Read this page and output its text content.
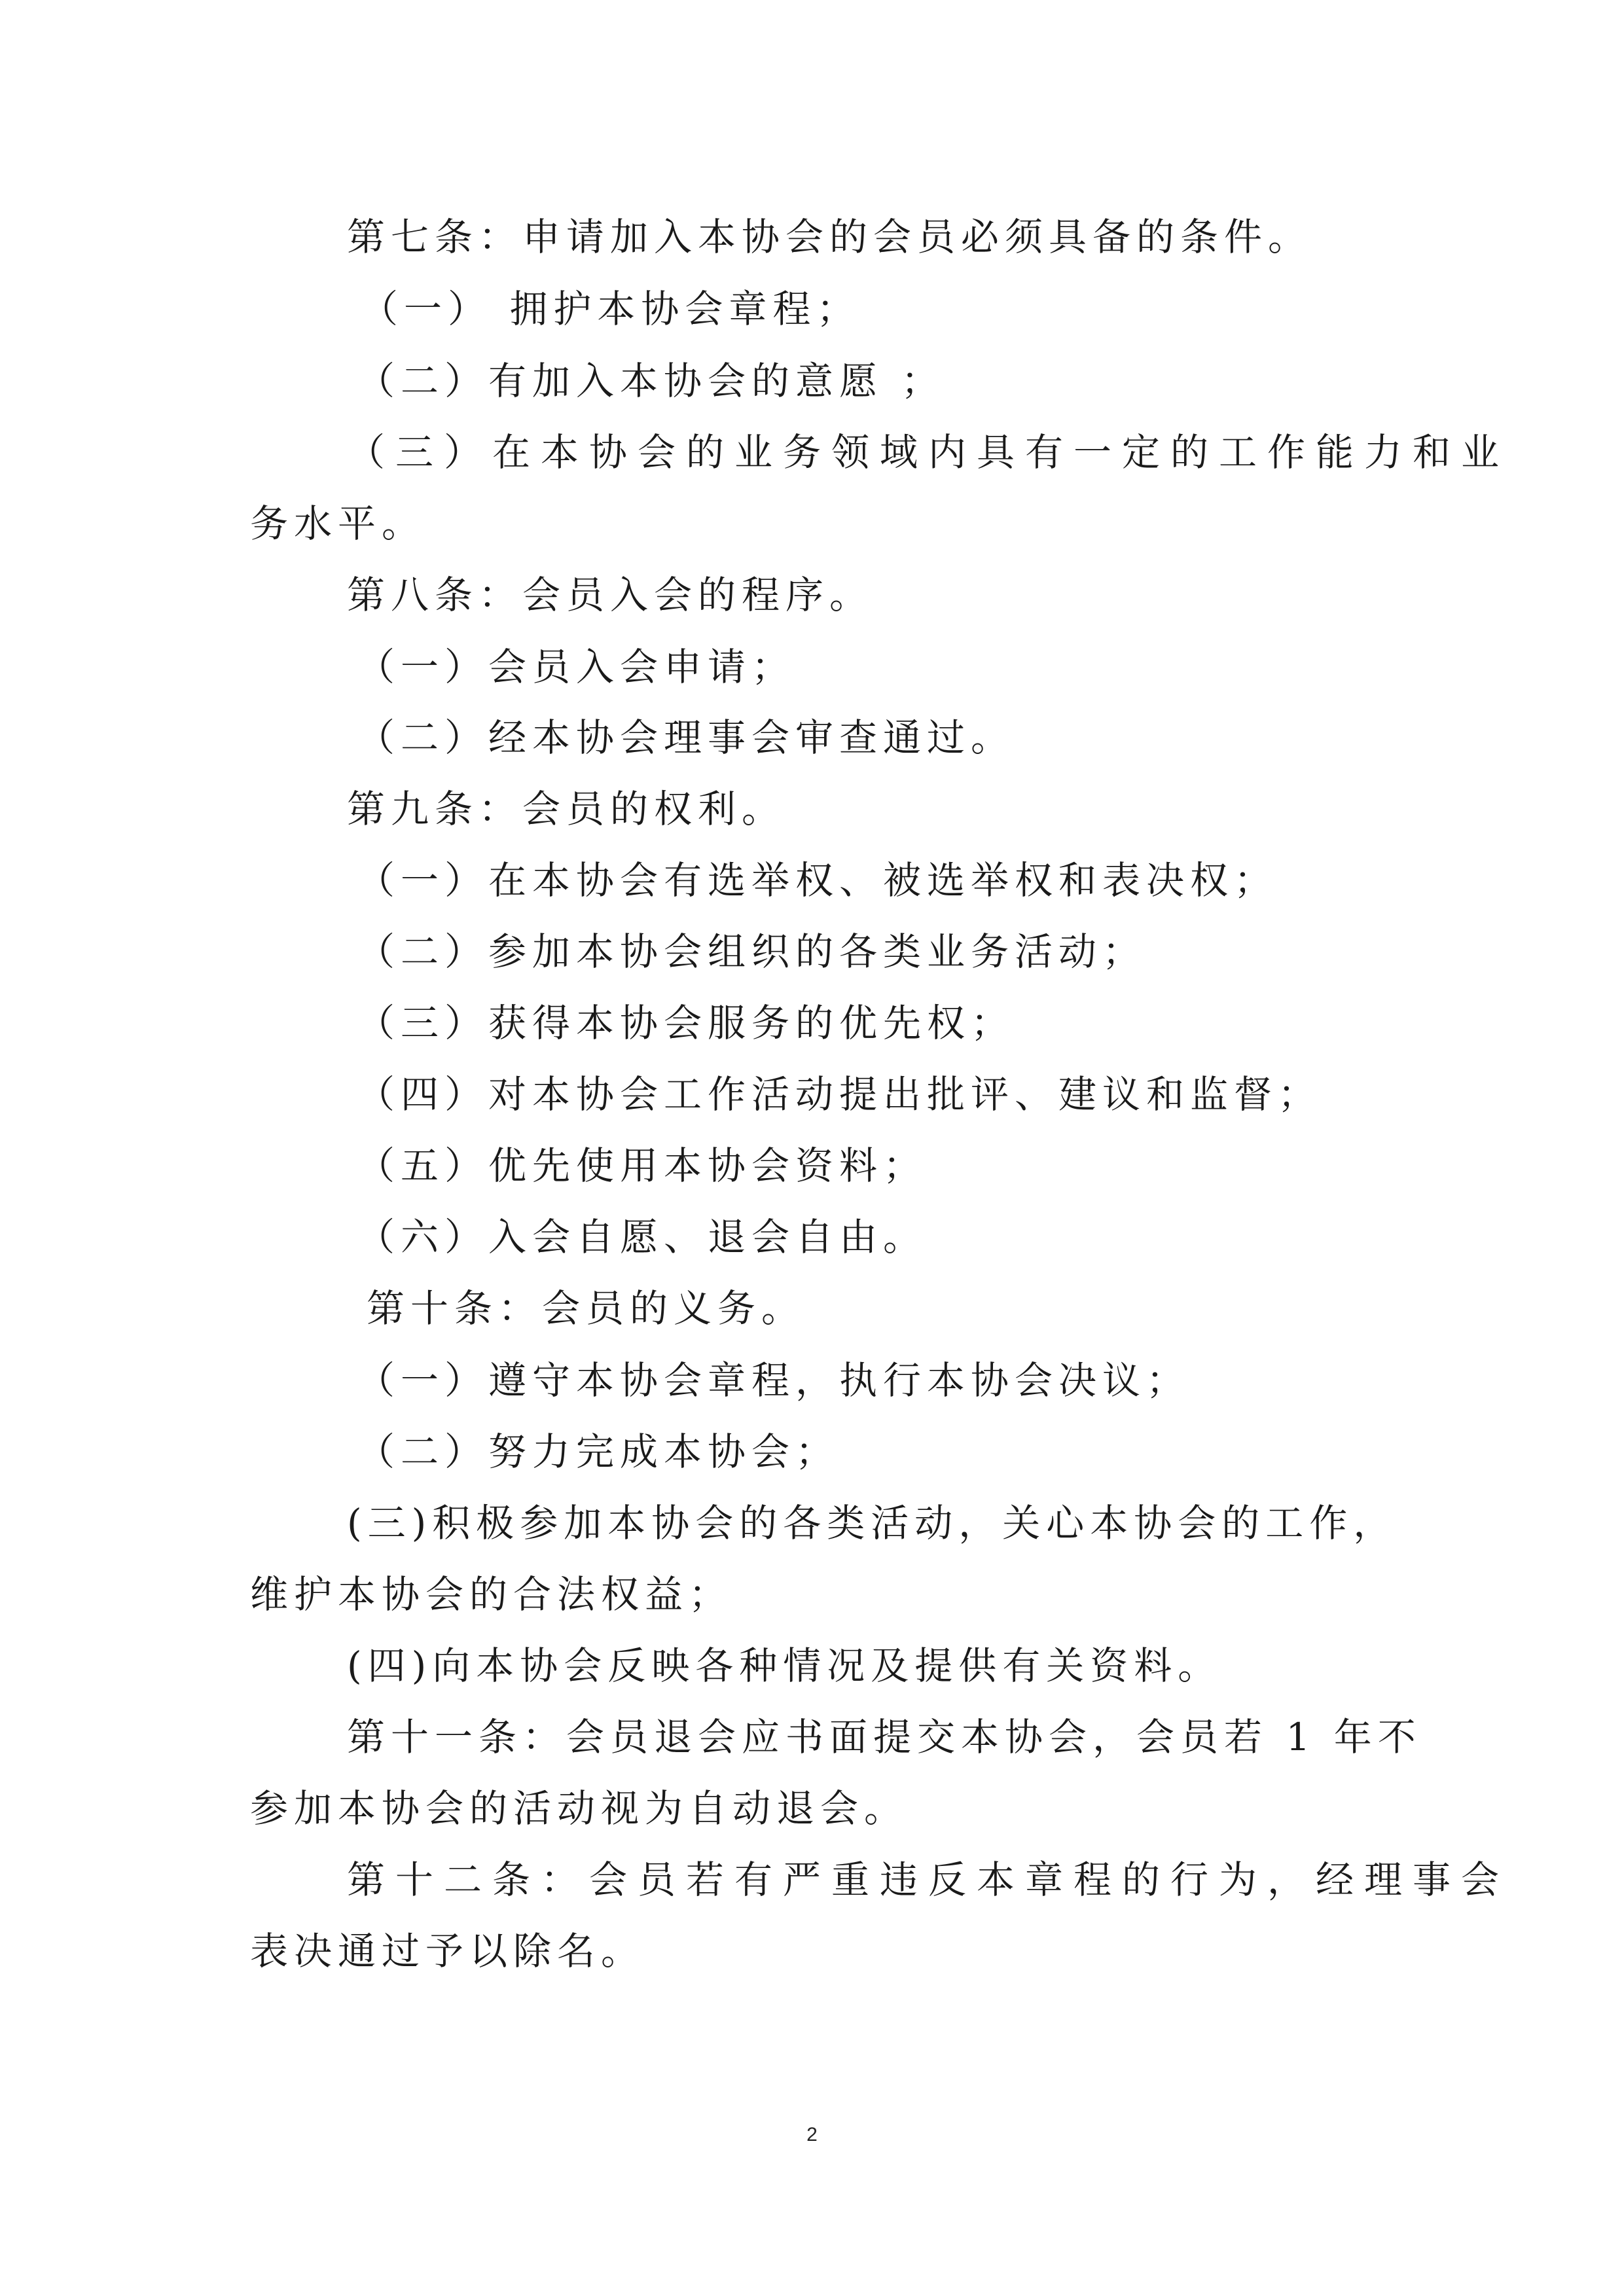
第七条：申请加入本协会的会员必须具备的条件。
（一） 拥护本协会章程；
（二）有加入本协会的意愿 ；
（三）在本协会的业务领域内具有一定的工作能力和业
务水平。
第八条：会员入会的程序。
（一）会员入会申请；
（二）经本协会理事会审查通过。
第九条：会员的权利。
（一）在本协会有选举权、被选举权和表决权；
（二）参加本协会组织的各类业务活动；
（三）获得本协会服务的优先权；
（四）对本协会工作活动提出批评、建议和监督；
（五）优先使用本协会资料；
（六）入会自愿、退会自由。
第十条：会员的义务。
（一）遵守本协会章程，执行本协会决议；
（二）努力完成本协会；
(三)积极参加本协会的各类活动，关心本协会的工作，
维护本协会的合法权益；
(四)向本协会反映各种情况及提供有关资料。
第十一条：会员退会应书面提交本协会，会员若 1 年不
参加本协会的活动视为自动退会。
第十二条：会员若有严重违反本章程的行为，经理事会
表决通过予以除名。
2
